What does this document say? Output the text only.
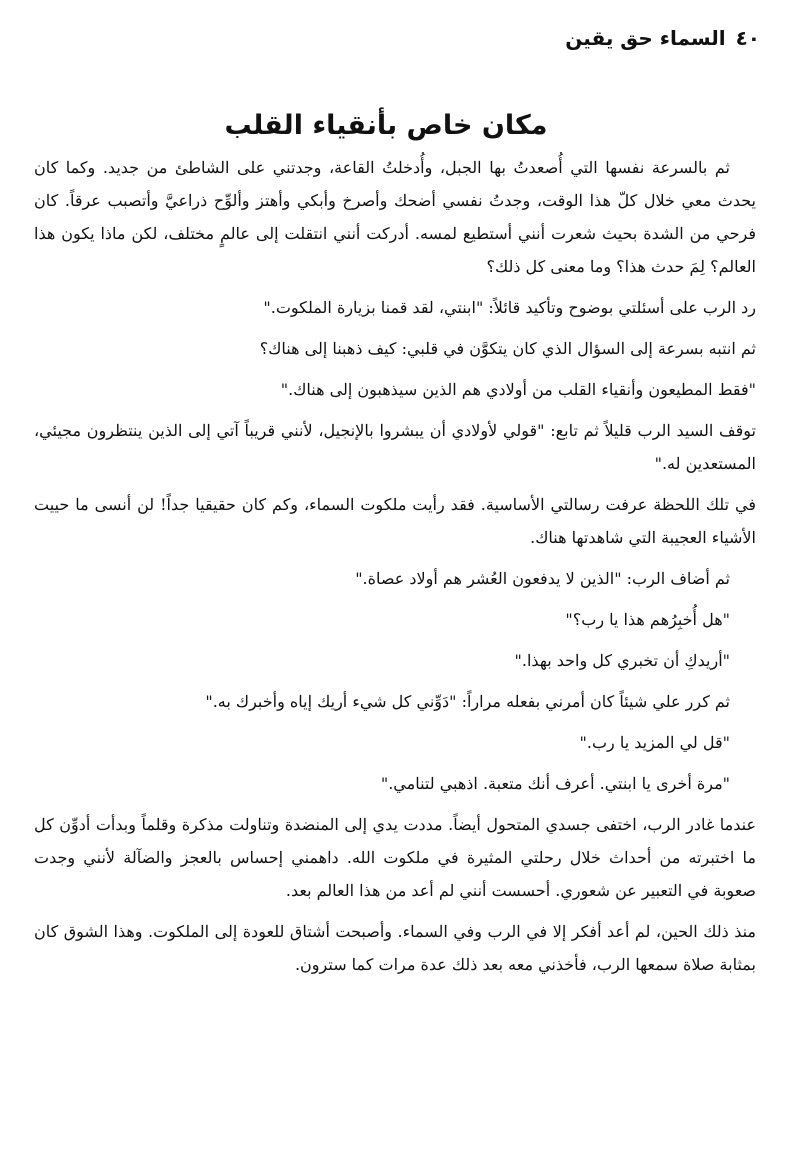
٤٠
السماء حق يقين
مكان خاص بأنقياء القلب

ثم بالسرعة نفسها التي أُصعدتُ بها الجبل، وأُدخلتُ القاعة، وجدتني على الشاطئ من جديد. وكما كان يحدث معي خلال كلّ هذا الوقت، وجدتُ نفسي أضحك وأصرخ وأبكي وأهتز وألوِّح ذراعيَّ وأتصبب عرقاً. كان فرحي من الشدة بحيث شعرت أنني أستطيع لمسه. أدركت أنني انتقلت إلى عالمٍ مختلف، لكن ماذا يكون هذا العالم؟ لِمَ حدث هذا؟ وما معنى كل ذلك؟

رد الرب على أسئلتي بوضوح وتأكيد قائلاً: "ابنتي، لقد قمنا بزيارة الملكوت."

ثم انتبه بسرعة إلى السؤال الذي كان يتكوَّن في قلبي: كيف ذهبنا إلى هناك؟

"فقط المطيعون وأنقياء القلب من أولادي هم الذين سيذهبون إلى هناك."

توقف السيد الرب قليلاً ثم تابع: "قولي لأولادي أن يبشروا بالإنجيل، لأنني قريباً آتي إلى الذين ينتظرون مجيئي، المستعدين له."

في تلك اللحظة عرفت رسالتي الأساسية. فقد رأيت ملكوت السماء، وكم كان حقيقيا جداً! لن أنسى ما حييت الأشياء العجيبة التي شاهدتها هناك.

ثم أضاف الرب: "الذين لا يدفعون العُشر هم أولاد عصاة."

"هل أُخبِرُهم هذا يا رب؟"

"أريدكِ أن تخبري كل واحد بهذا."

ثم كرر علي شيئاً كان أمرني بفعله مراراً: "دَوِّني كل شيء أريك إياه وأخبرك به."

"قل لي المزيد يا رب."

"مرة أخرى يا ابنتي. أعرف أنك متعبة. اذهبي لتنامي."

عندما غادر الرب، اختفى جسدي المتحول أيضاً. مددت يدي إلى المنضدة وتناولت مذكرة وقلماً وبدأت أدوِّن كل ما اختبرته من أحداث خلال رحلتي المثيرة في ملكوت الله. داهمني إحساس بالعجز والضآلة لأنني وجدت صعوبة في التعبير عن شعوري. أحسست أنني لم أعد من هذا العالم بعد.

منذ ذلك الحين، لم أعد أفكر إلا في الرب وفي السماء. وأصبحت أشتاق للعودة إلى الملكوت. وهذا الشوق كان بمثابة صلاة سمعها الرب، فأخذني معه بعد ذلك عدة مرات كما سترون.
